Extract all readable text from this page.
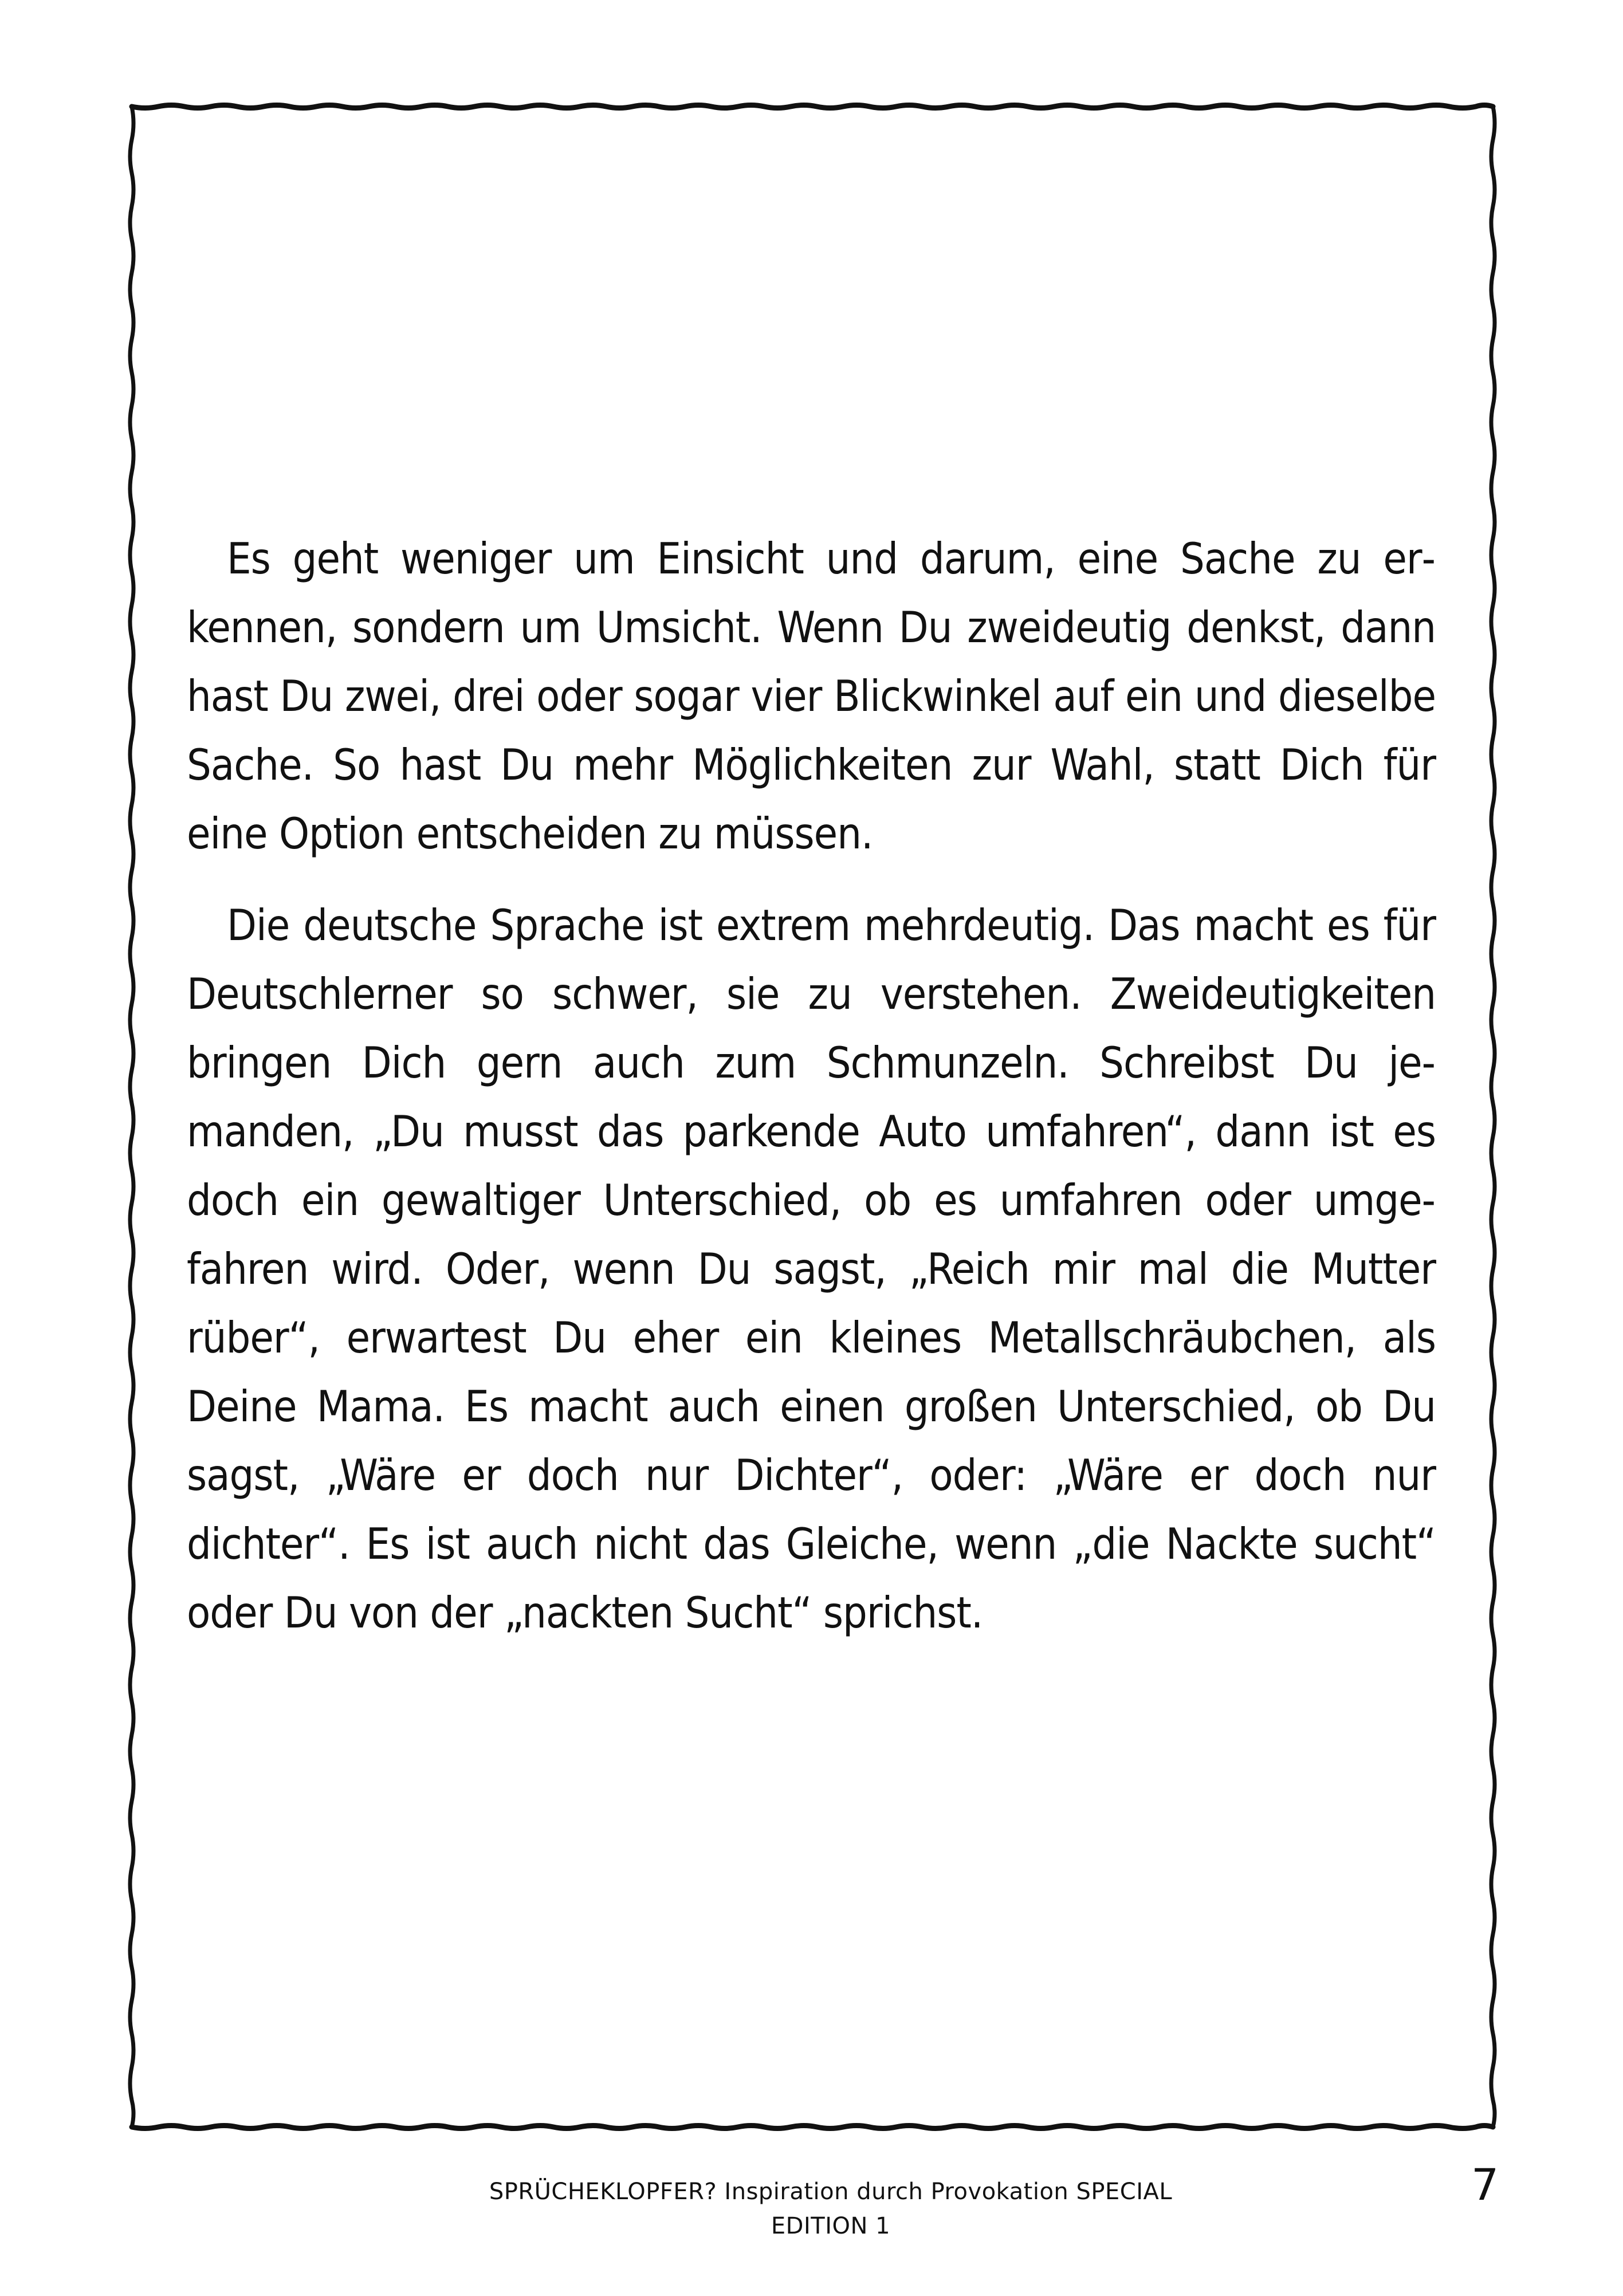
Es geht weniger um Einsicht und darum, eine Sache zu erkennen, sondern um Umsicht. Wenn Du zweideutig denkst, dann hast Du zwei, drei oder sogar vier Blickwinkel auf ein und dieselbe Sache. So hast Du mehr Möglichkeiten zur Wahl, statt Dich für eine Option entscheiden zu müssen.

Die deutsche Sprache ist extrem mehrdeutig. Das macht es für Deutschlerner so schwer, sie zu verstehen. Zweideutigkeiten bringen Dich gern auch zum Schmunzeln. Schreibst Du jemanden, „Du musst das parkende Auto umfahren“, dann ist es doch ein gewaltiger Unterschied, ob es umfahren oder umgefahren wird. Oder, wenn Du sagst, „Reich mir mal die Mutter rüber“, erwartest Du eher ein kleines Metallschräubchen, als Deine Mama. Es macht auch einen großen Unterschied, ob Du sagst, „Wäre er doch nur Dichter“, oder: „Wäre er doch nur dichter“. Es ist auch nicht das Gleiche, wenn „die Nackte sucht“ oder Du von der „nackten Sucht“ sprichst.

SPRÜCHEKLOPFER? Inspiration durch Provokation SPECIAL EDITION 1
7
